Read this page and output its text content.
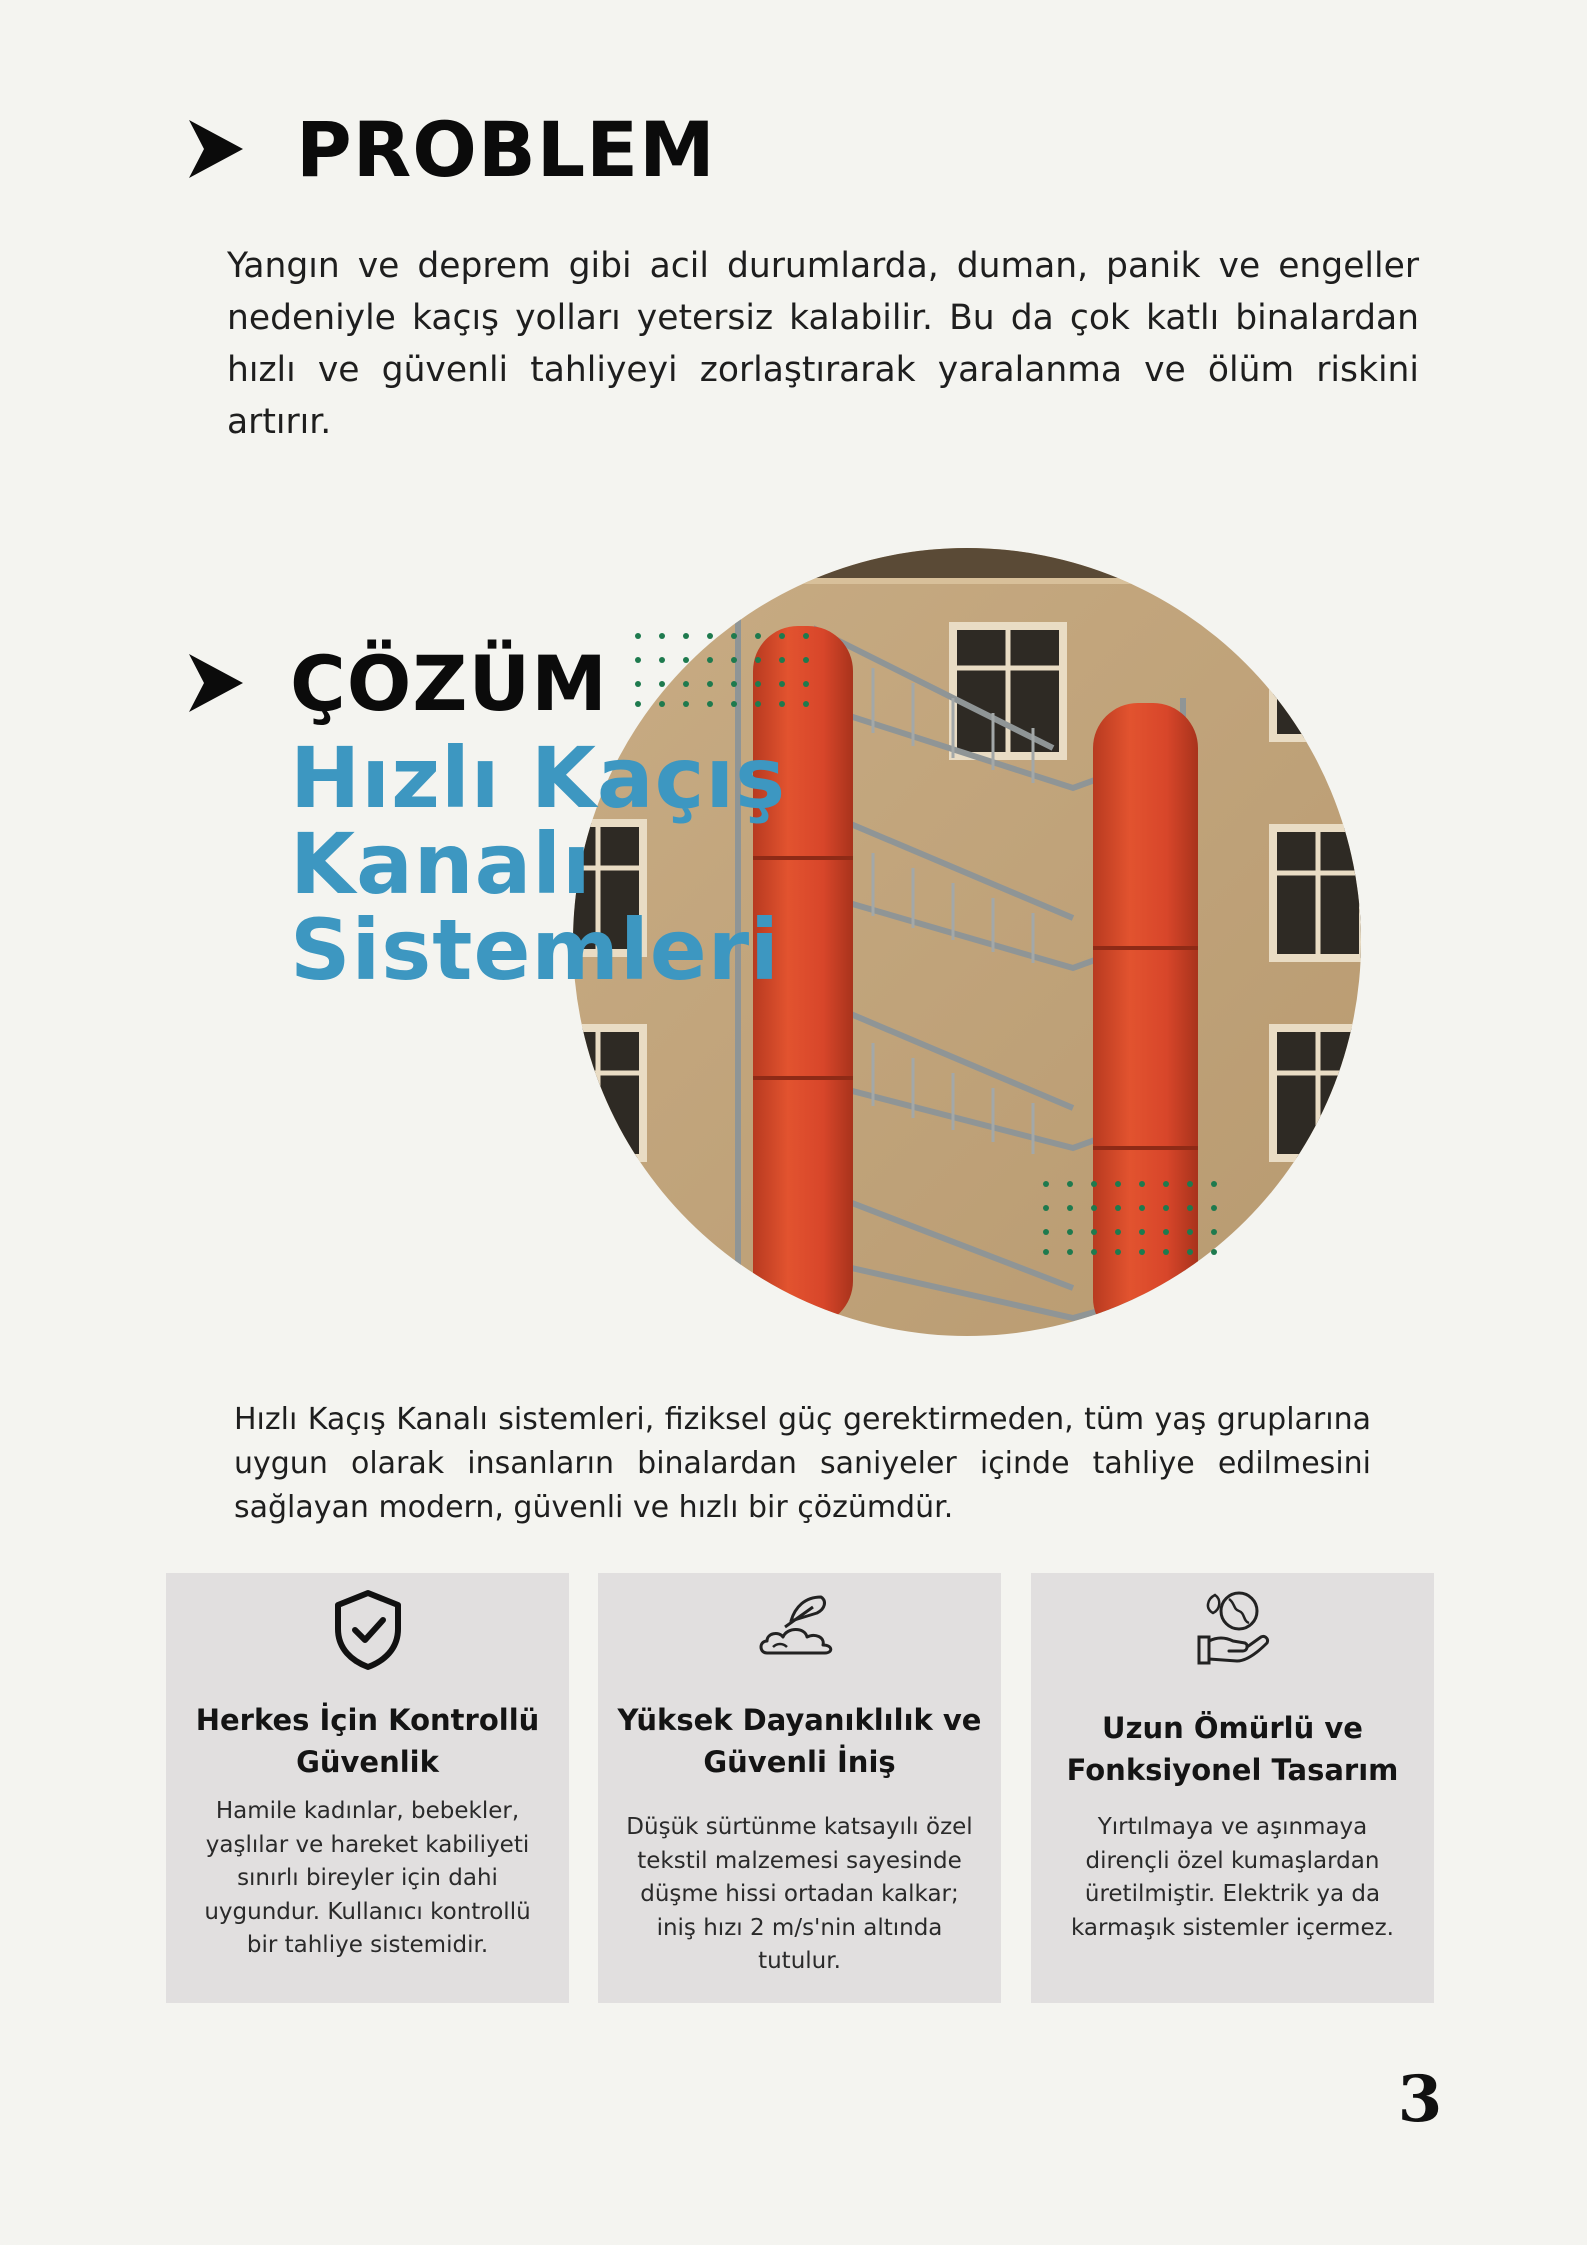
PROBLEM
Yangın ve deprem gibi acil durumlarda, duman, panik ve engeller nedeniyle kaçış yolları yetersiz kalabilir. Bu da çok katlı binalardan hızlı ve güvenli tahliyeyi zorlaştırarak yaralanma ve ölüm riskini artırır.
ÇÖZÜM
Hızlı Kaçış
Kanalı
Sistemleri
Hızlı Kaçış Kanalı sistemleri, fiziksel güç gerektirmeden, tüm yaş gruplarına uygun olarak insanların binalardan saniyeler içinde tahliye edilmesini sağlayan modern, güvenli ve hızlı bir çözümdür.
Herkes İçin Kontrollü Güvenlik
Hamile kadınlar, bebekler, yaşlılar ve hareket kabiliyeti sınırlı bireyler için dahi uygundur. Kullanıcı kontrollü bir tahliye sistemidir.
Yüksek Dayanıklılık ve Güvenli İniş
Düşük sürtünme katsayılı özel tekstil malzemesi sayesinde düşme hissi ortadan kalkar; iniş hızı 2 m/s'nin altında tutulur.
Uzun Ömürlü ve Fonksiyonel Tasarım
Yırtılmaya ve aşınmaya dirençli özel kumaşlardan üretilmiştir. Elektrik ya da karmaşık sistemler içermez.
3
